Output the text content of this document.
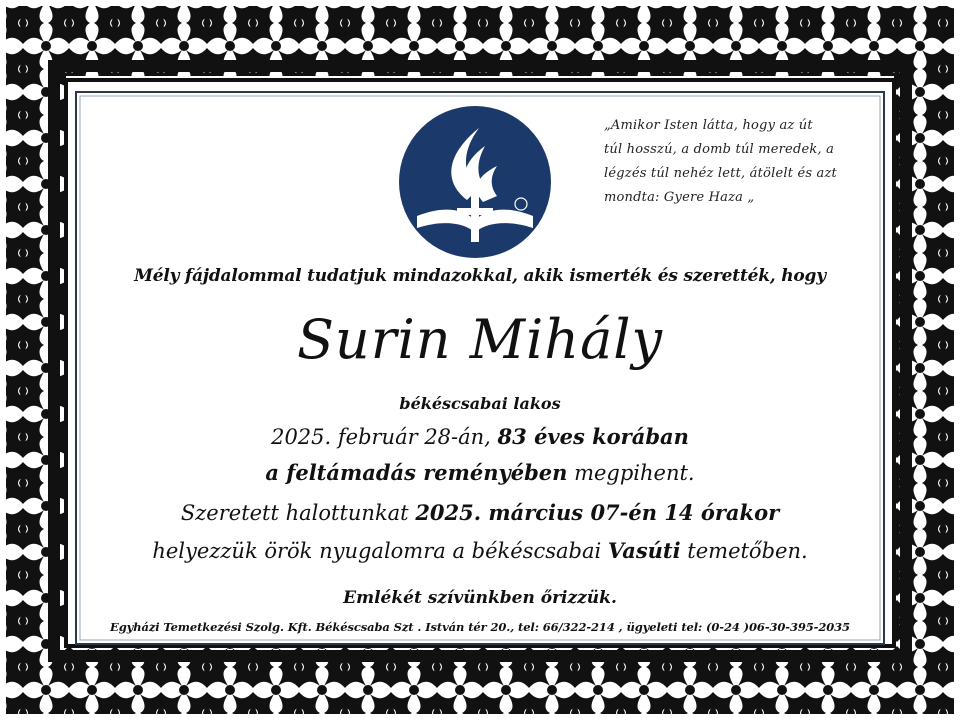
„Amikor Isten látta, hogy az út
túl hosszú, a domb túl meredek, a
légzés túl nehéz lett, átölelt és azt
mondta: Gyere Haza „
Mély fájdalommal tudatjuk mindazokkal, akik ismerték és szerették, hogy
Surin Mihály
békéscsabai lakos
2025. február 28-án, 83 éves korában
a feltámadás reményében megpihent.
Szeretett halottunkat 2025. március 07-én 14 órakor
helyezzük örök nyugalomra a békéscsabai Vasúti temetőben.
Emlékét szívünkben őrizzük.
Egyházi Temetkezési Szolg. Kft. Békéscsaba Szt . István tér 20., tel: 66/322-214 , ügyeleti tel: (0-24 )06-30-395-2035
